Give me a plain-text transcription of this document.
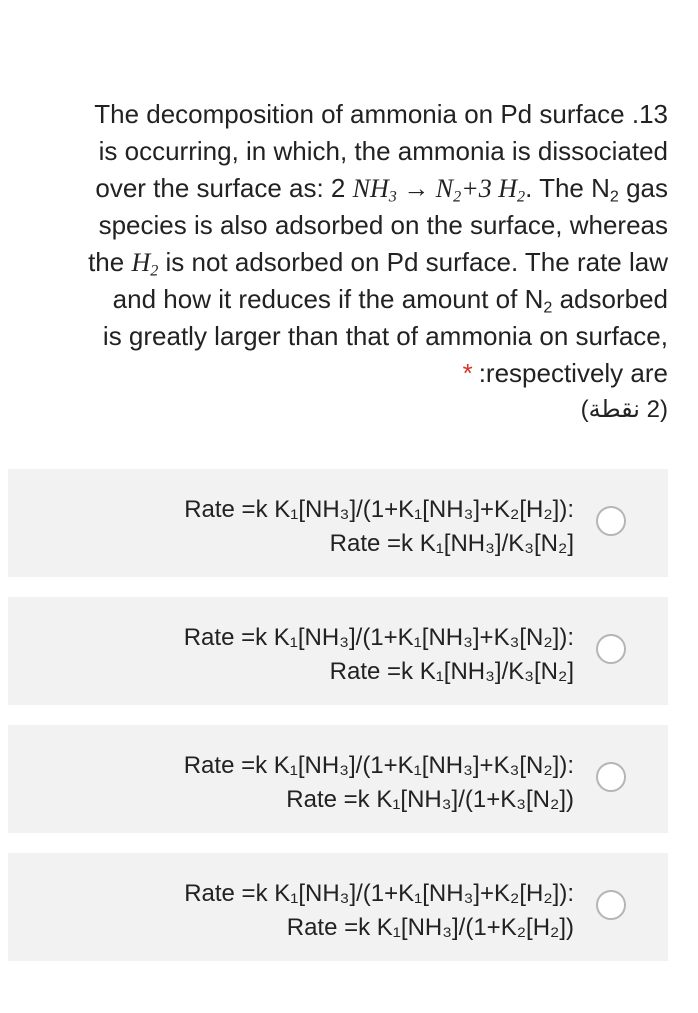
The decomposition of ammonia on Pd surface .13
is occurring, in which, the ammonia is dissociated
over the surface as: 2 $NH_3 \to N_2+3$ $H_2$. The $N_2$ gas
species is also adsorbed on the surface, whereas
the $H_2$ is not adsorbed on Pd surface. The rate law
and how it reduces if the amount of $N_2$ adsorbed
is greatly larger than that of ammonia on surface,
* :respectively are
(2 نقطة)
Rate =k K₁[NH₃]/(1+K₁[NH₃]+K₂[H₂]):
Rate =k K₁[NH₃]/K₃[N₂]
Rate =k K₁[NH₃]/(1+K₁[NH₃]+K₃[N₂]):
Rate =k K₁[NH₃]/K₃[N₂]
Rate =k K₁[NH₃]/(1+K₁[NH₃]+K₃[N₂]):
Rate =k K₁[NH₃]/(1+K₃[N₂])
Rate =k K₁[NH₃]/(1+K₁[NH₃]+K₂[H₂]):
Rate =k K₁[NH₃]/(1+K₂[H₂])
